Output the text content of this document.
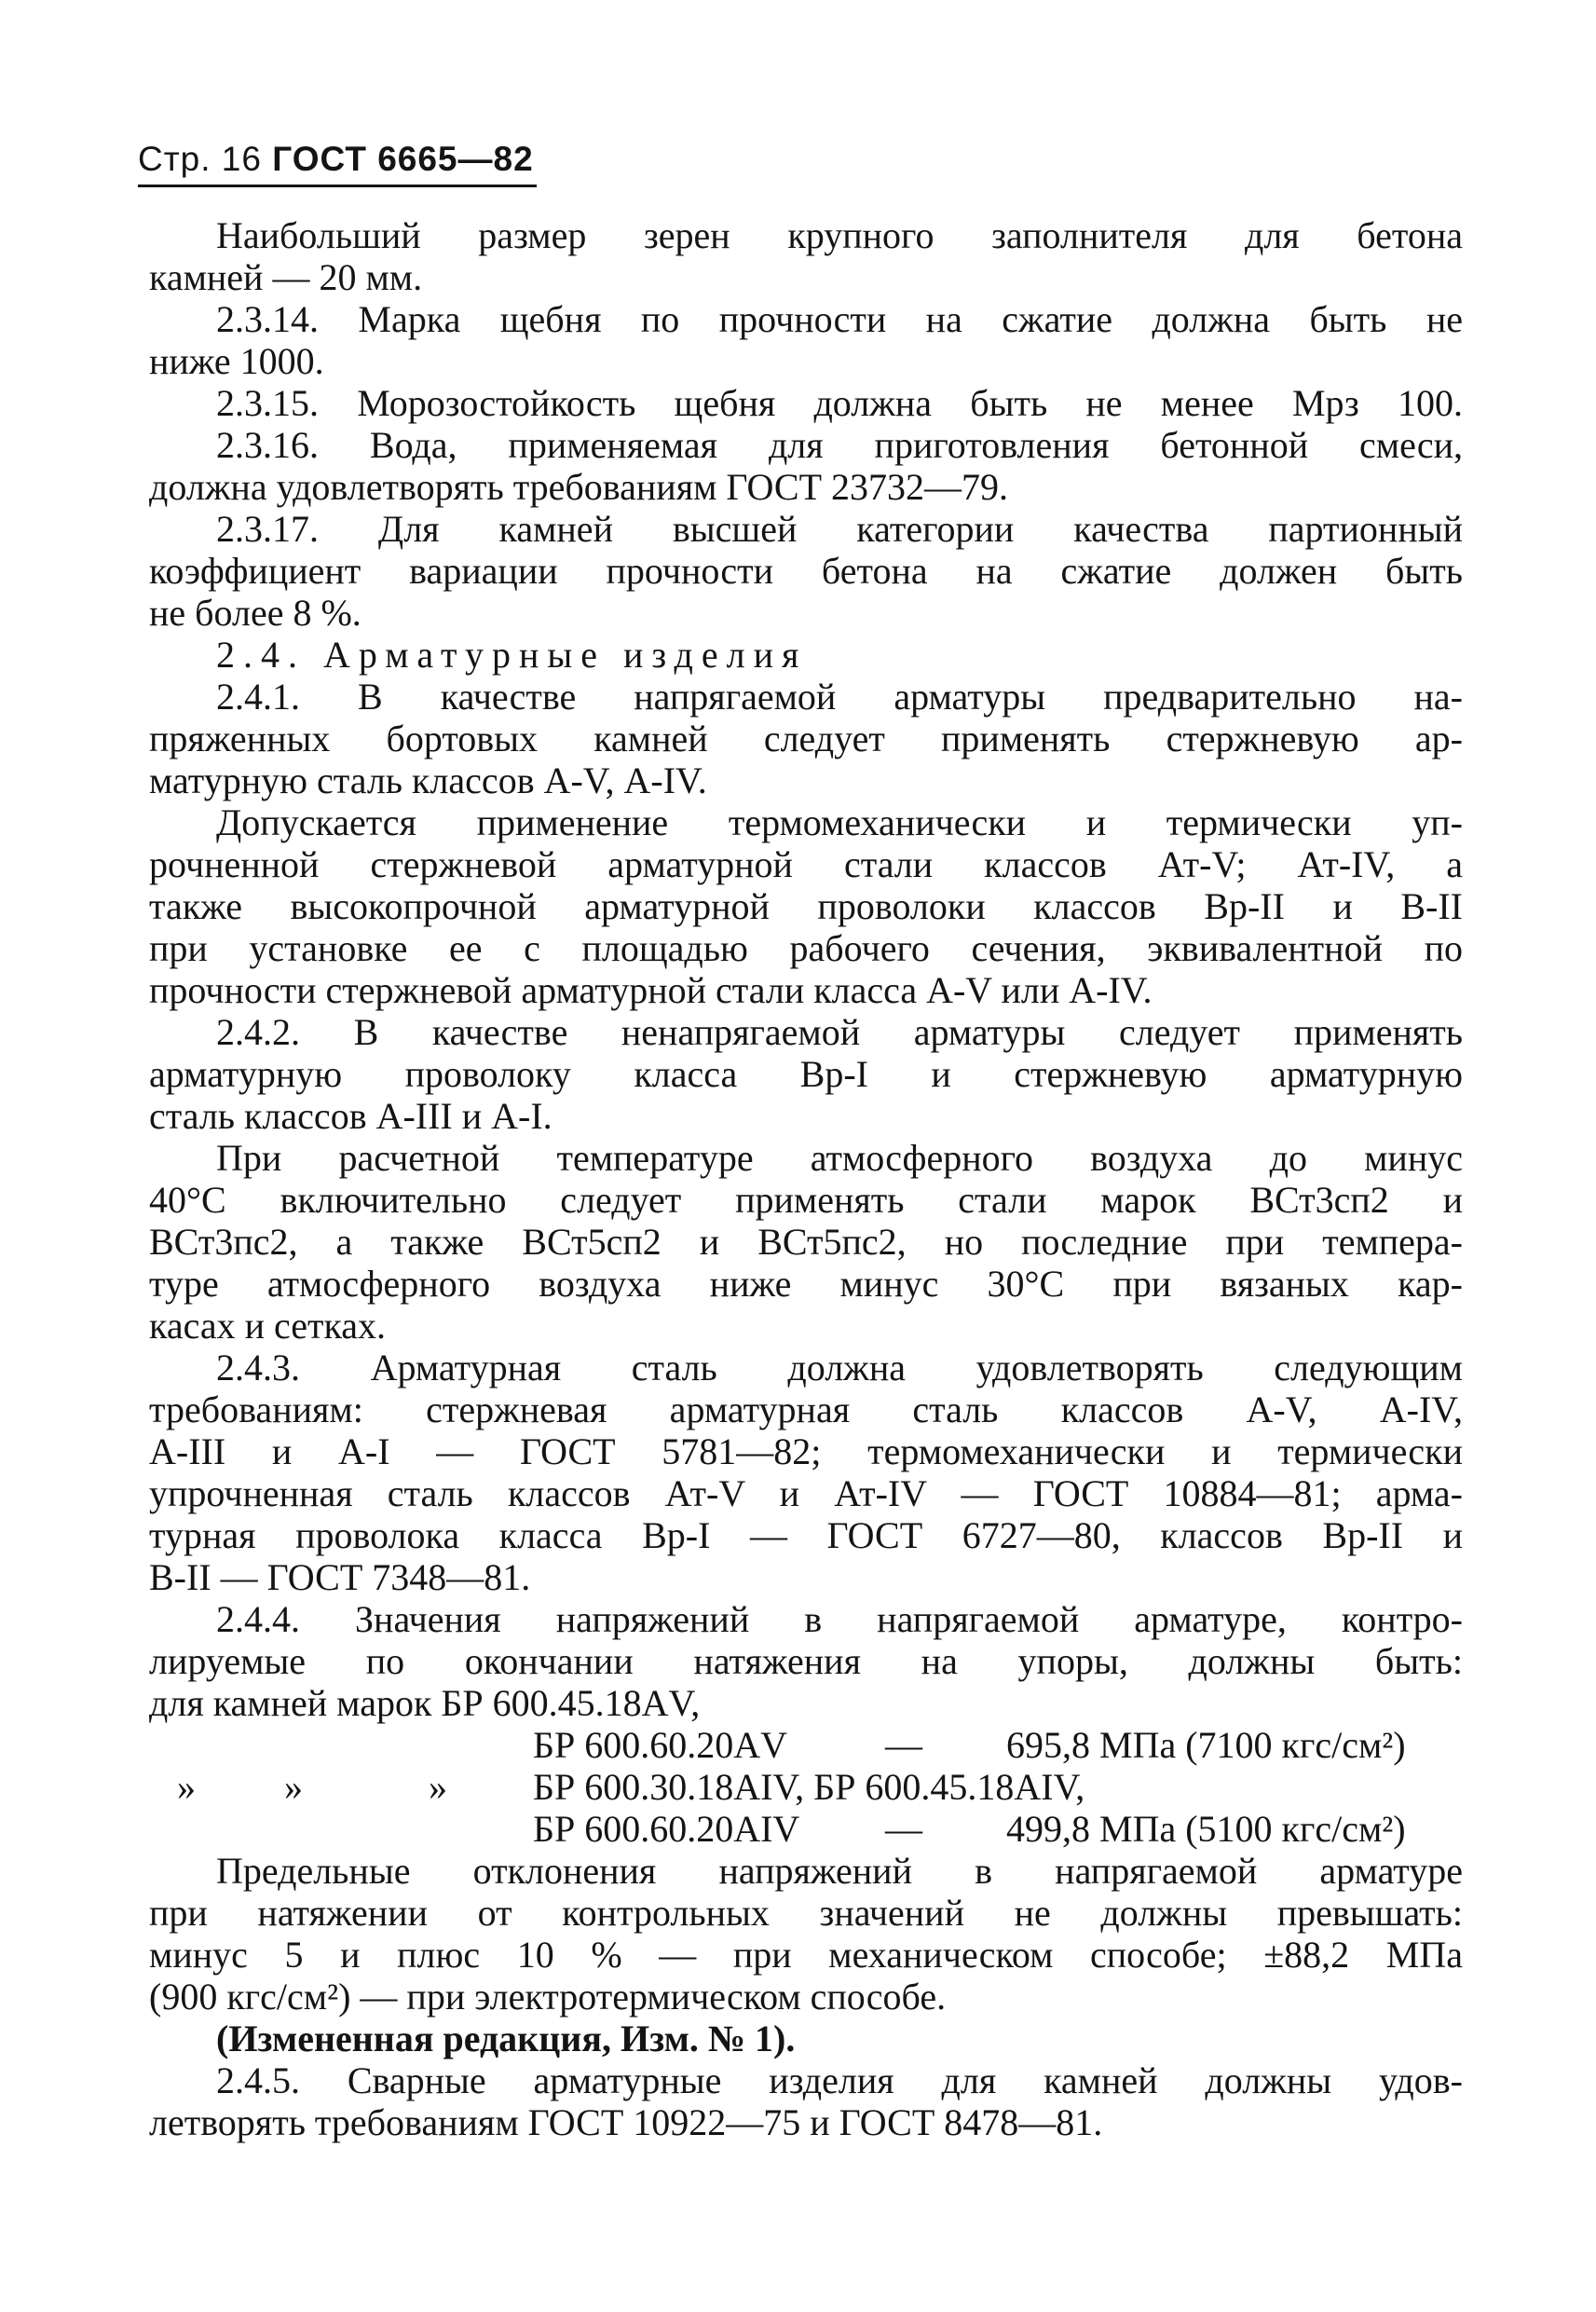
Стр. 16 ГОСТ 6665—82
Наибольший размер зерен крупного заполнителя для бетона
камней — 20 мм.
2.3.14. Марка щебня по прочности на сжатие должна быть не
ниже 1000.
2.3.15. Морозостойкость щебня должна быть не менее Мрз 100.
2.3.16. Вода, применяемая для приготовления бетонной смеси,
должна удовлетворять требованиям ГОСТ 23732—79.
2.3.17. Для камней высшей категории качества партионный
коэффициент вариации прочности бетона на сжатие должен быть
не более 8 %.
2.4. Арматурные изделия
2.4.1. В качестве напрягаемой арматуры предварительно на-
пряженных бортовых камней следует применять стержневую ар-
матурную сталь классов А-V, А-IV.
Допускается применение термомеханически и термически уп-
рочненной стержневой арматурной стали классов Ат-V; Ат-IV, а
также высокопрочной арматурной проволоки классов Вр-II и В-II
при установке ее с площадью рабочего сечения, эквивалентной по
прочности стержневой арматурной стали класса А-V или А-IV.
2.4.2. В качестве ненапрягаемой арматуры следует применять
арматурную проволоку класса Вр-I и стержневую арматурную
сталь классов А-III и А-I.
При расчетной температуре атмосферного воздуха до минус
40°С включительно следует применять стали марок ВСт3сп2 и
ВСт3пс2, а также ВСт5сп2 и ВСт5пс2, но последние при темпера-
туре атмосферного воздуха ниже минус 30°С при вязаных кар-
касах и сетках.
2.4.3. Арматурная сталь должна удовлетворять следующим
требованиям: стержневая арматурная сталь классов А-V, А-IV,
А-III и А-I — ГОСТ 5781—82; термомеханически и термически
упрочненная сталь классов Ат-V и Ат-IV — ГОСТ 10884—81; арма-
турная проволока класса Вр-I — ГОСТ 6727—80, классов Вр-II и
В-II — ГОСТ 7348—81.
2.4.4. Значения напряжений в напрягаемой арматуре, контро-
лируемые по окончании натяжения на упоры, должны быть:
для камней марок БР 600.45.18АV,
БР 600.60.20АV	— 695,8 МПа (7100 кгс/см²)
» »	» БР 600.30.18АIV, БР 600.45.18АIV,
БР 600.60.20АIV — 499,8 МПа (5100 кгс/см²)
Предельные отклонения напряжений в напрягаемой арматуре
при натяжении от контрольных значений не должны превышать:
минус 5 и плюс 10 % — при механическом способе; ±88,2 МПа
(900 кгс/см²) — при электротермическом способе.
(Измененная редакция, Изм. № 1).
2.4.5. Сварные арматурные изделия для камней должны удов-
летворять требованиям ГОСТ 10922—75 и ГОСТ 8478—81.
